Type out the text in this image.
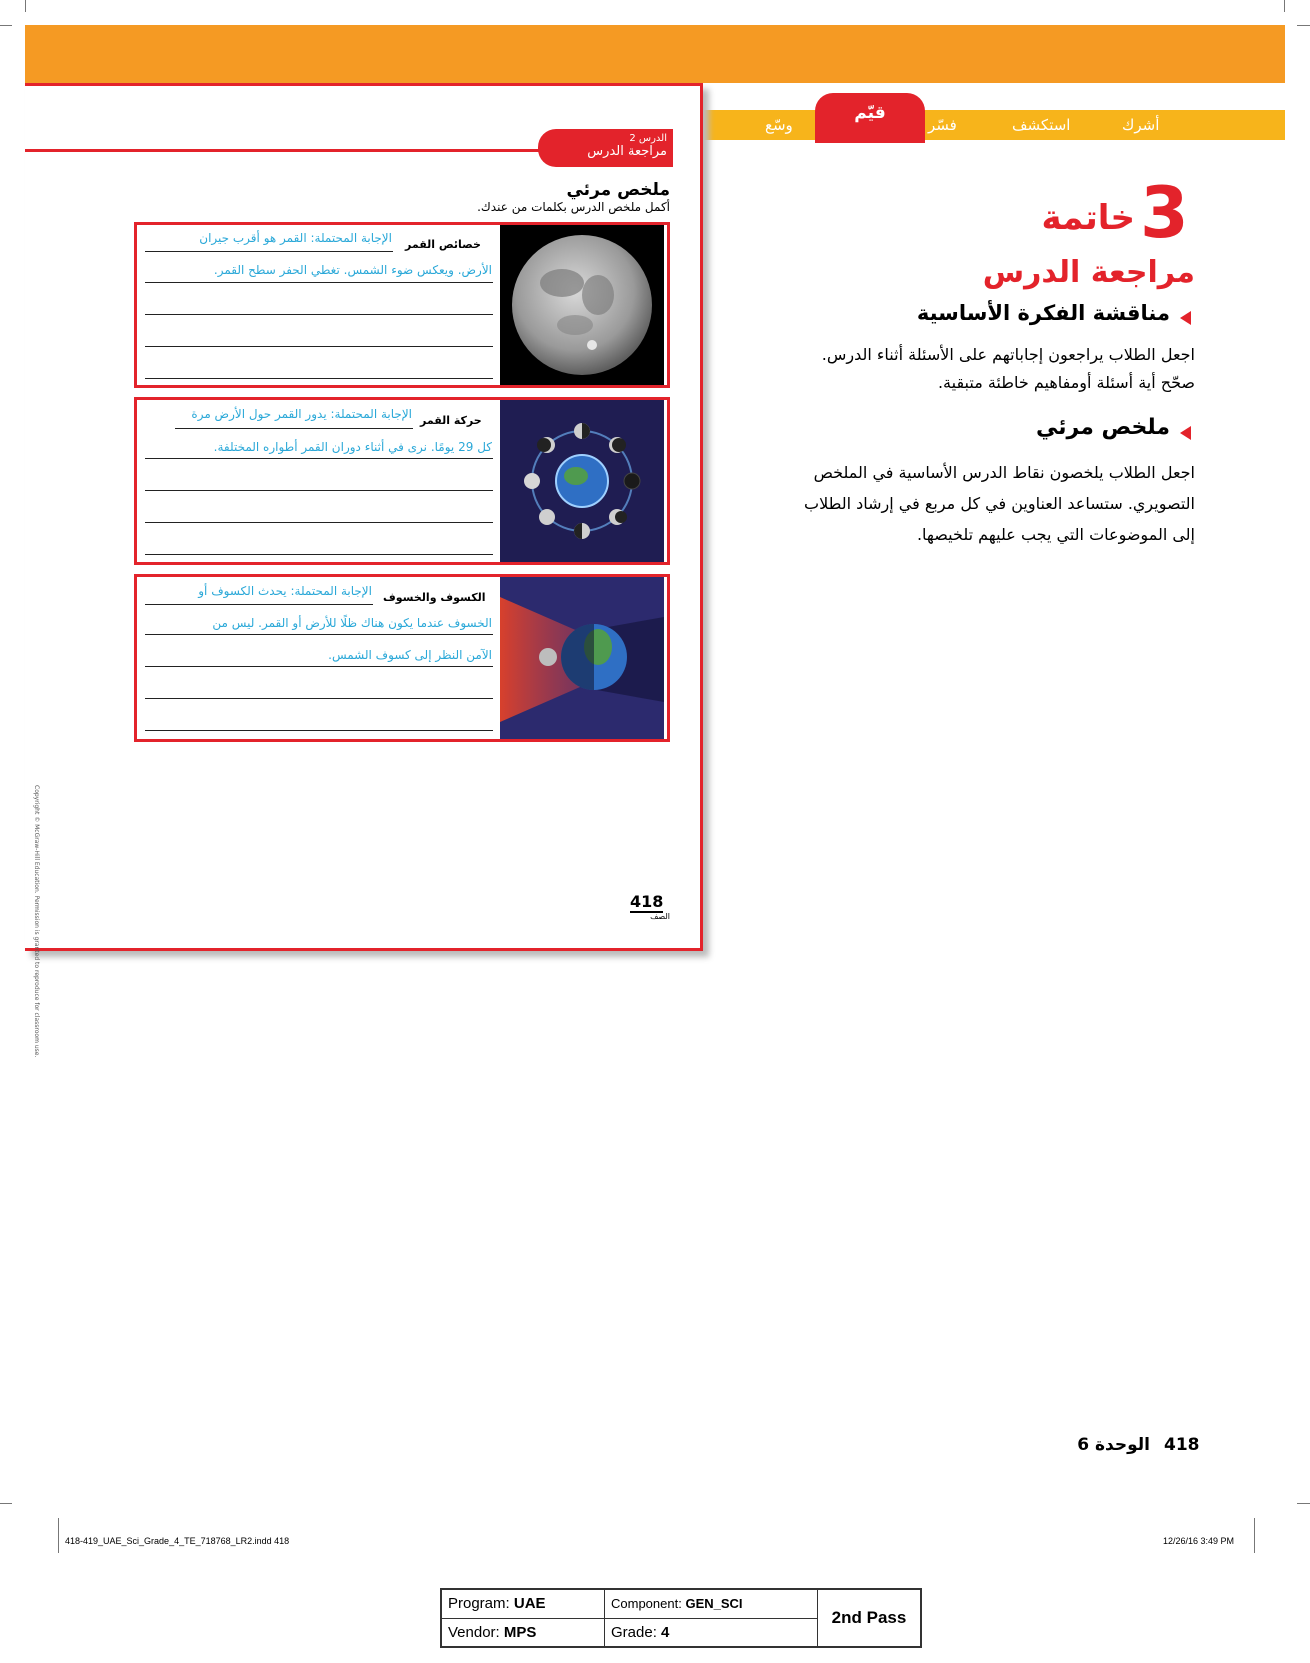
أشرك
استكشف
فسّر
قيّم
وسّع
الدرس 2
مراجعة الدرس
ملخص مرئي
أكمل ملخص الدرس بكلمات من عندك.
خصائص القمر
الإجابة المحتملة: القمر هو أقرب جيران
الأرض. ويعكس ضوء الشمس. تغطي الحفر سطح القمر.
حركة القمر
الإجابة المحتملة: يدور القمر حول الأرض مرة
كل 29 يومًا. نرى في أثناء دوران القمر أطواره المختلفة.
الكسوف والخسوف
الإجابة المحتملة: يحدث الكسوف أو
الخسوف عندما يكون هناك ظلًا للأرض أو القمر. ليس من
الآمن النظر إلى كسوف الشمس.
Copyright © McGraw-Hill Education. Permission is granted to reproduce for classroom use.	418
الصف
3
خاتمة
مراجعة الدرس
مناقشة الفكرة الأساسية
اجعل الطلاب يراجعون إجاباتهم على الأسئلة أثناء الدرس.
صحّح أية أسئلة أومفاهيم خاطئة متبقية.
ملخص مرئي
اجعل الطلاب يلخصون نقاط الدرس الأساسية في الملخص
التصويري. ستساعد العناوين في كل مربع في إرشاد الطلاب
إلى الموضوعات التي يجب عليهم تلخيصها.
418
الوحدة 6
418-419_UAE_Sci_Grade_4_TE_718768_LR2.indd 418	12/26/16 3:49 PM
Program: UAE	Component: GEN_SCI	2nd Pass
Vendor: MPS	Grade: 4	
